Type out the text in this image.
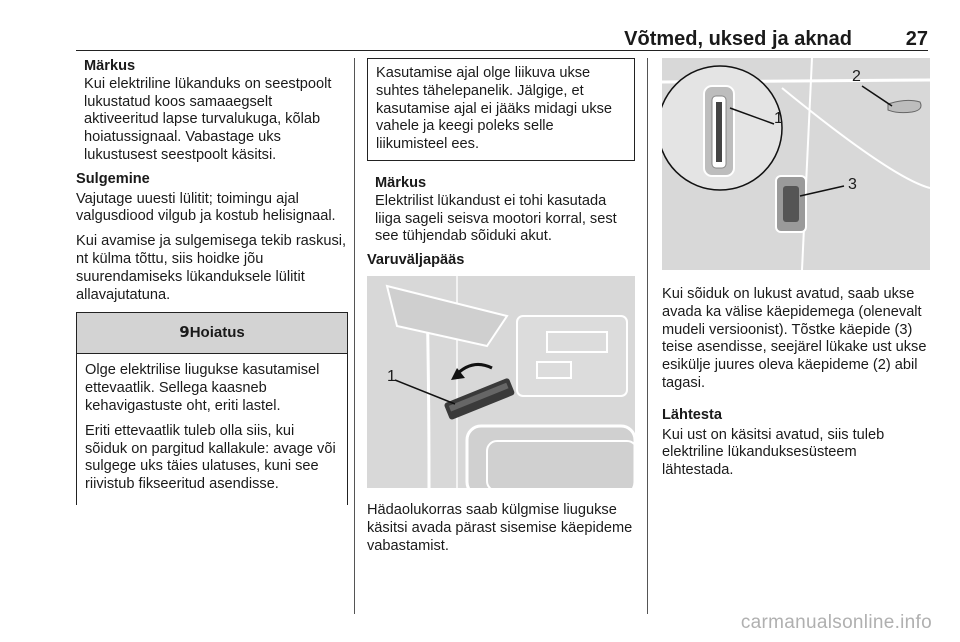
Võtmed, uksed ja aknad	27
Märkus
Kui elektriline lükanduks on seestpoolt lukustatud koos samaaegselt aktiveeritud lapse turvalukuga, kõlab hoiatussignaal. Vabastage uks lukustusest seestpoolt käsitsi.
Sulgemine

Vajutage uuesti lülitit; toimingu ajal valgusdiood vilgub ja kostub helisignaal.

Kui avamise ja sulgemisega tekib raskusi, nt külma tõttu, siis hoidke jõu suurendamiseks lükanduksele lülitit allavajutatuna.

9 Hoiatus

Olge elektrilise liugukse kasutamisel ettevaatlik. Sellega kaasneb kehavigastuste oht, eriti lastel.

Eriti ettevaatlik tuleb olla siis, kui sõiduk on pargitud kallakule: avage või sulgege uks täies ulatuses, kuni see riivistub fikseeritud asendisse.

Kasutamise ajal olge liikuva ukse suhtes tähelepanelik. Jälgige, et kasutamise ajal ei jääks midagi ukse vahele ja keegi poleks selle liikumisteel ees.
Märkus
Elektrilist lükandust ei tohi kasutada liiga sageli seisva mootori korral, sest see tühjendab sõiduki akut.
Varuväljapääs
1

Hädaolukorras saab külgmise liugukse käsitsi avada pärast sisemise käepideme vabastamist.

1
2
3

Kui sõiduk on lukust avatud, saab ukse avada ka välise käepidemega (olenevalt mudeli versioonist). Tõstke käepide (3) teise asendisse, seejärel lükake ust ukse esikülje juures oleva käepideme (2) abil tagasi.

Lähtesta

Kui ust on käsitsi avatud, siis tuleb elektriline lükanduksesüsteem lähtestada.

carmanualsonline.info
